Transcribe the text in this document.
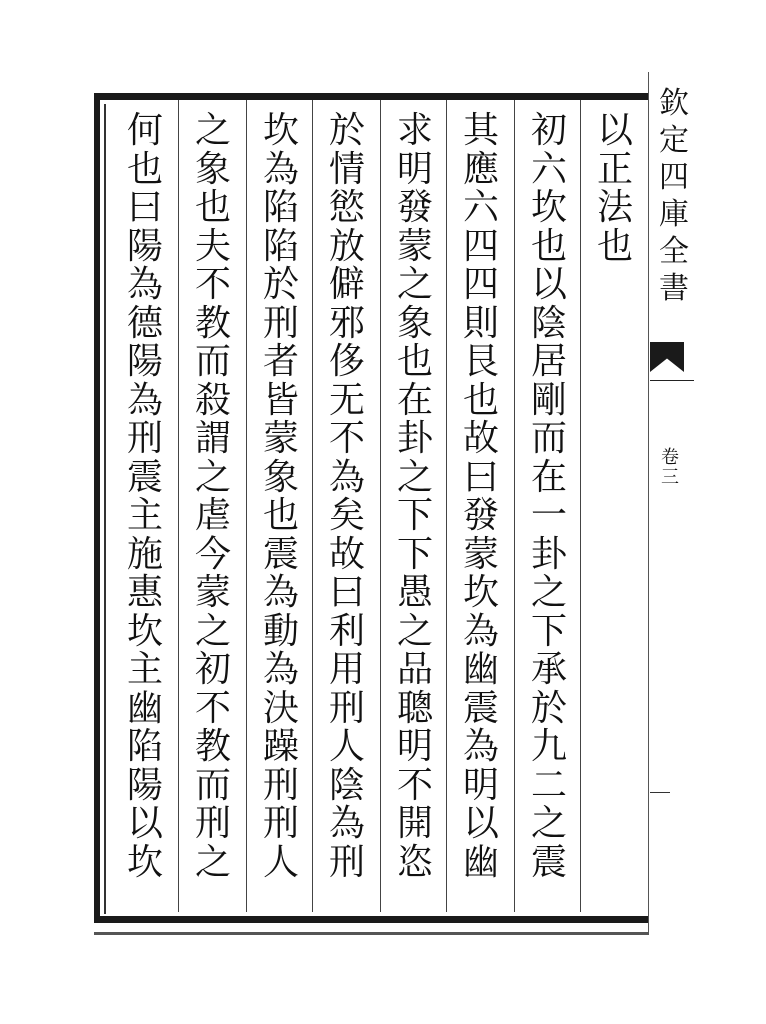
以
正
法
也
初
六
坎
也
以
陰
居
剛
而
在
一
卦
之
下
承
於
九
二
之
震
其
應
六
四
四
則
艮
也
故
曰
發
蒙
坎
為
幽
震
為
明
以
幽
求
明
發
蒙
之
象
也
在
卦
之
下
下
愚
之
品
聰
明
不
開
恣
於
情
慾
放
僻
邪
侈
无
不
為
矣
故
曰
利
用
刑
人
陰
為
刑
坎
為
陷
陷
於
刑
者
皆
蒙
象
也
震
為
動
為
決
躁
刑
刑
人
之
象
也
夫
不
教
而
殺
謂
之
虐
今
蒙
之
初
不
教
而
刑
之
何
也
曰
陽
為
德
陽
為
刑
震
主
施
惠
坎
主
幽
陷
陽
以
坎
欽
定
四
庫
全
書
卷
三
